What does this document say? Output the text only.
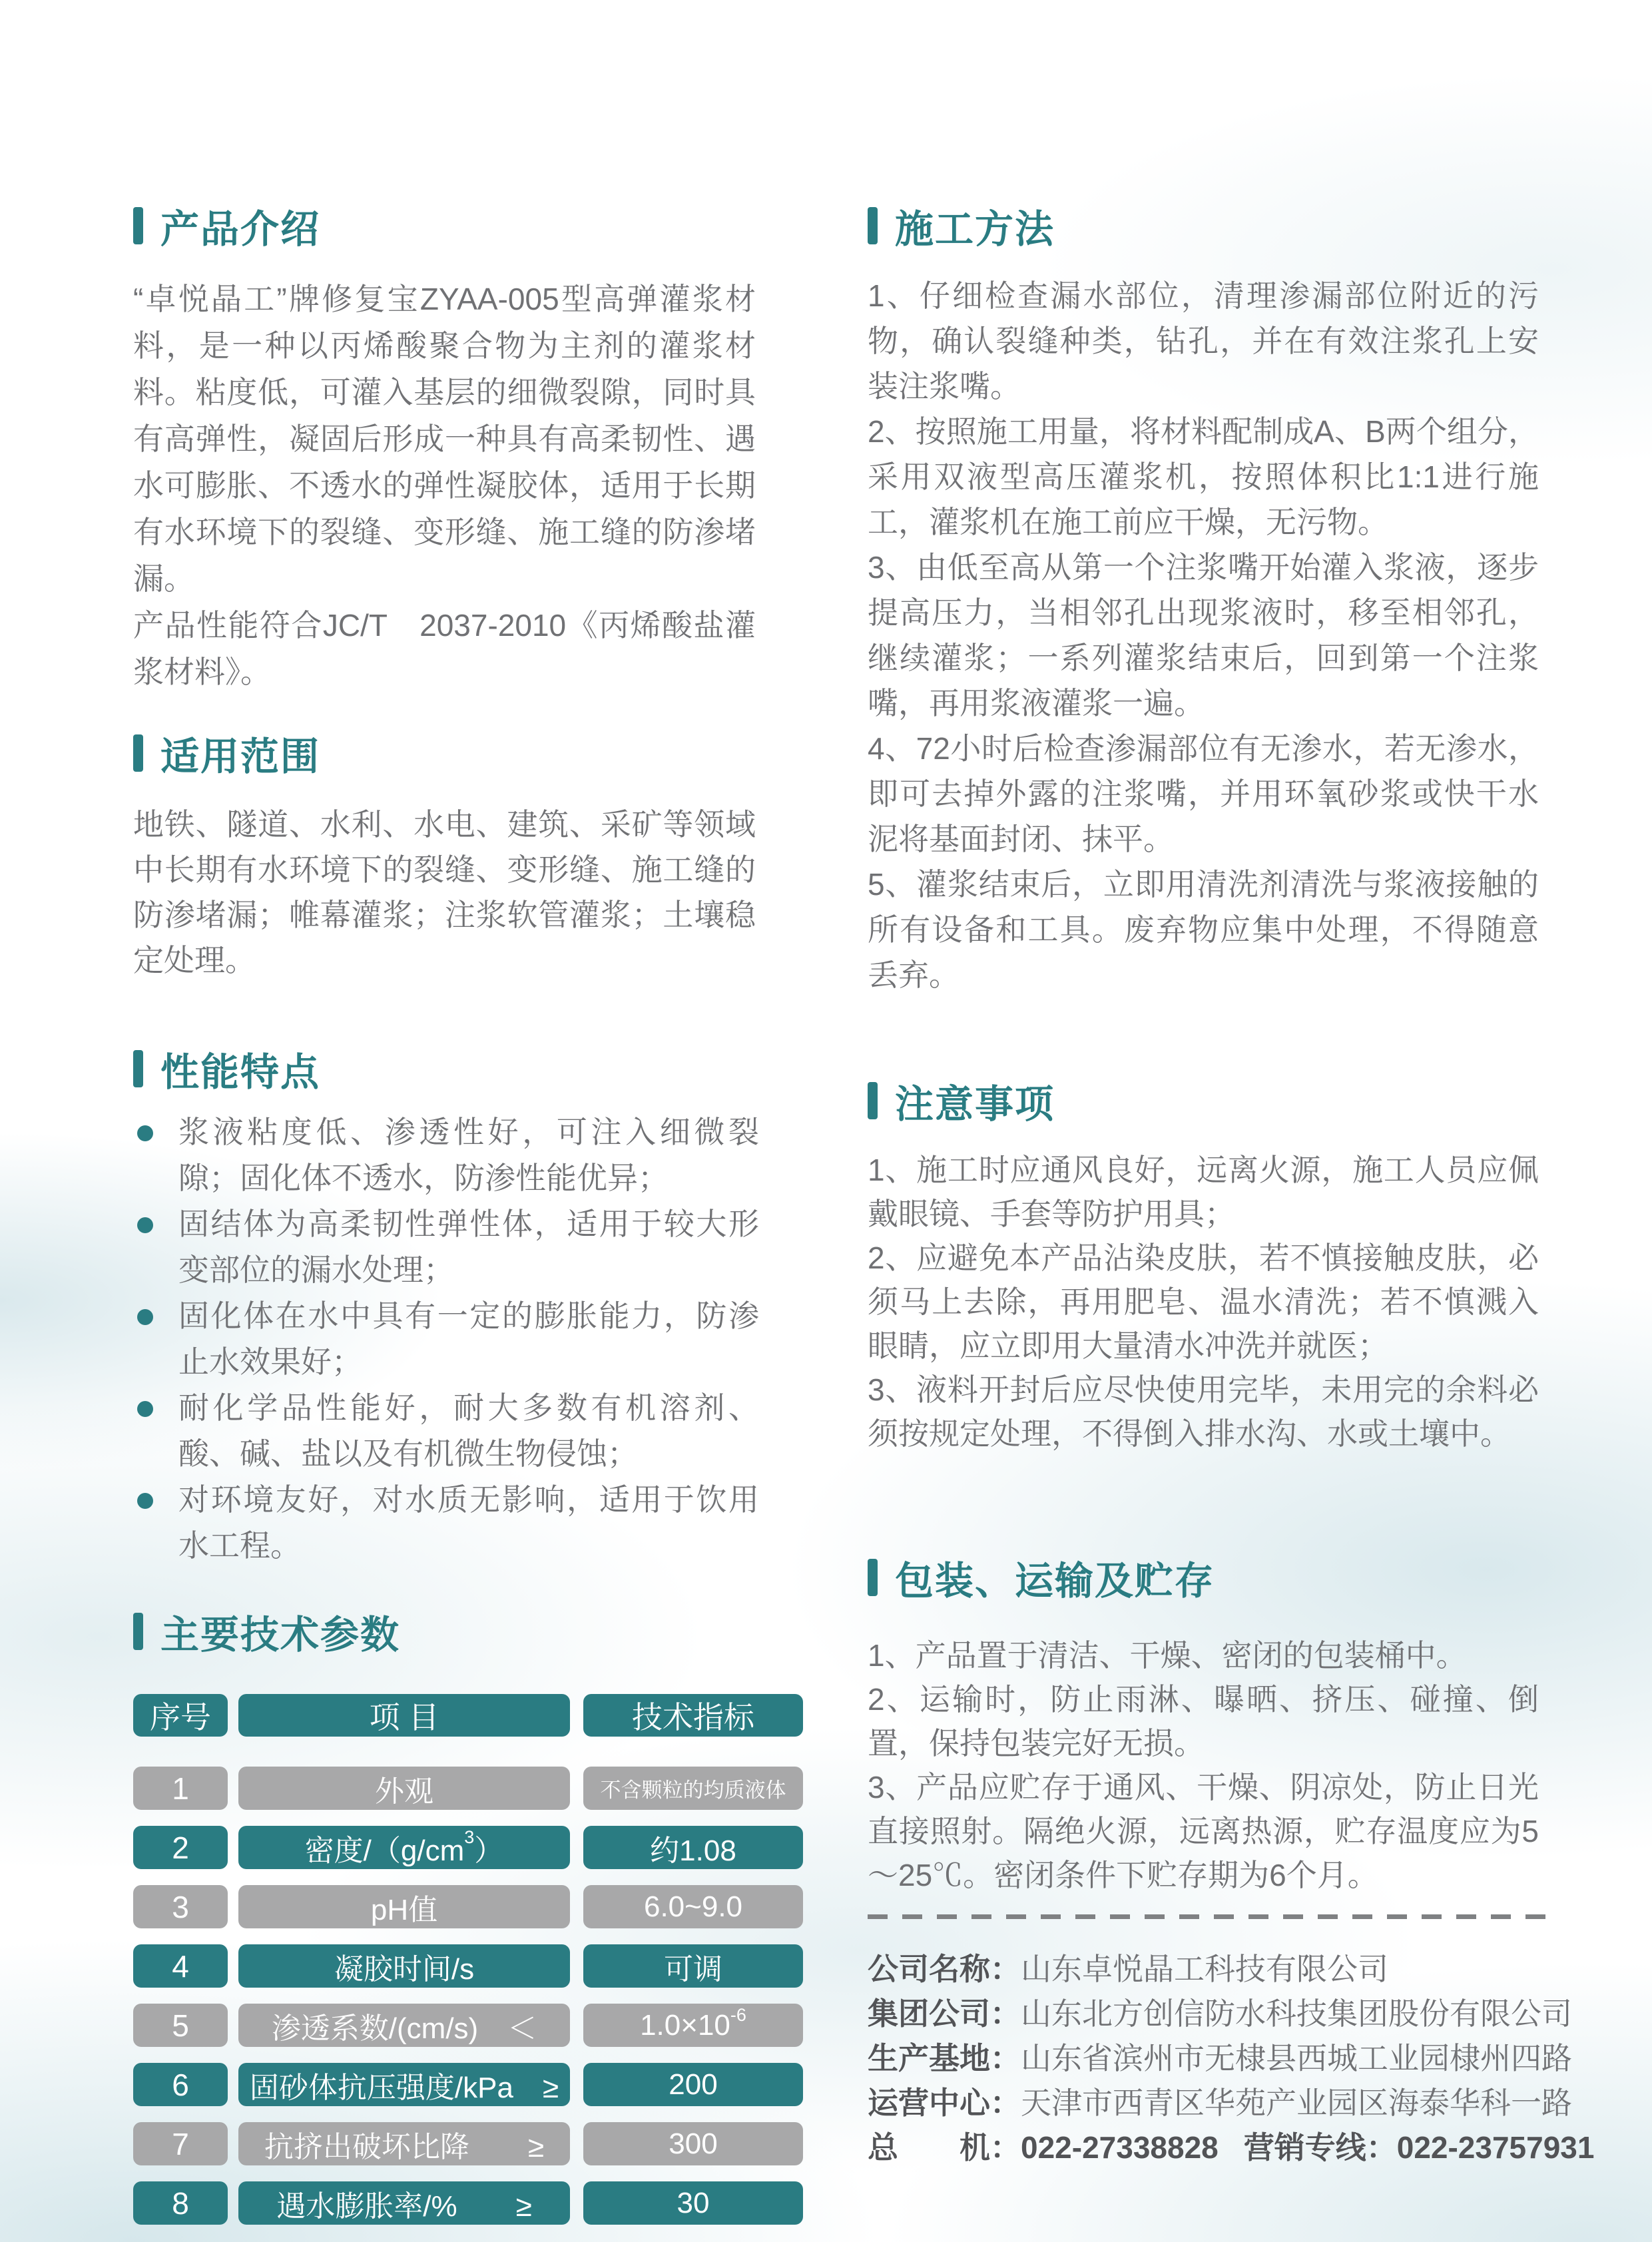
产品介绍

“卓悦晶工”牌修复宝ZYAA-005型高弹灌浆材料，是一种以丙烯酸聚合物为主剂的灌浆材料。粘度低，可灌入基层的细微裂隙，同时具有高弹性，凝固后形成一种具有高柔韧性、遇水可膨胀、不透水的弹性凝胶体，适用于长期有水环境下的裂缝、变形缝、施工缝的防渗堵漏。

产品性能符合JC/T　2037-2010《丙烯酸盐灌浆材料》。

适用范围

地铁、隧道、水利、水电、建筑、采矿等领域中长期有水环境下的裂缝、变形缝、施工缝的防渗堵漏；帷幕灌浆；注浆软管灌浆；土壤稳定处理。

性能特点
浆液粘度低、渗透性好，可注入细微裂隙；固化体不透水，防渗性能优异；
固结体为高柔韧性弹性体，适用于较大形变部位的漏水处理；
固化体在水中具有一定的膨胀能力，防渗止水效果好；
耐化学品性能好，耐大多数有机溶剂、酸、碱、盐以及有机微生物侵蚀；
对环境友好，对水质无影响，适用于饮用水工程。
主要技术参数
序号	项 目	技术指标
1	外观	不含颗粒的均质液体
2	密度/（g/cm 3 ）	约1.08
3	pH值	6.0~9.0
4	凝胶时间/s	可调
5	渗透系数/(cm/s)　＜	1.0×10 -6
6	固砂体抗压强度/kPa　≥	200
7	抗挤出破坏比降　　≥	300
8	遇水膨胀率/%　　≥	30
施工方法

1、仔细检查漏水部位，清理渗漏部位附近的污物，确认裂缝种类，钻孔，并在有效注浆孔上安装注浆嘴。

2、按照施工用量，将材料配制成A、B两个组分，采用双液型高压灌浆机，按照体积比1:1进行施工，灌浆机在施工前应干燥，无污物。

3、由低至高从第一个注浆嘴开始灌入浆液，逐步提高压力，当相邻孔出现浆液时，移至相邻孔，继续灌浆；一系列灌浆结束后，回到第一个注浆嘴，再用浆液灌浆一遍。

4、72小时后检查渗漏部位有无渗水，若无渗水，即可去掉外露的注浆嘴，并用环氧砂浆或快干水泥将基面封闭、抹平。

5、灌浆结束后，立即用清洗剂清洗与浆液接触的所有设备和工具。废弃物应集中处理，不得随意丢弃。

注意事项

1、施工时应通风良好，远离火源，施工人员应佩戴眼镜、手套等防护用具；

2、应避免本产品沾染皮肤，若不慎接触皮肤，必须马上去除，再用肥皂、温水清洗；若不慎溅入眼睛，应立即用大量清水冲洗并就医；

3、液料开封后应尽快使用完毕，未用完的余料必须按规定处理，不得倒入排水沟、水或土壤中。

包装、运输及贮存

1、产品置于清洁、干燥、密闭的包装桶中。

2、运输时，防止雨淋、曝晒、挤压、碰撞、倒置，保持包装完好无损。

3、产品应贮存于通风、干燥、阴凉处，防止日光直接照射。隔绝火源，远离热源，贮存温度应为5～25℃。密闭条件下贮存期为6个月。

公司名称：山东卓悦晶工科技有限公司
集团公司：山东北方创信防水科技集团股份有限公司
生产基地：山东省滨州市无棣县西城工业园棣州四路
运营中心：天津市西青区华苑产业园区海泰华科一路
总　　机：022-27338828 营销专线：022-23757931
